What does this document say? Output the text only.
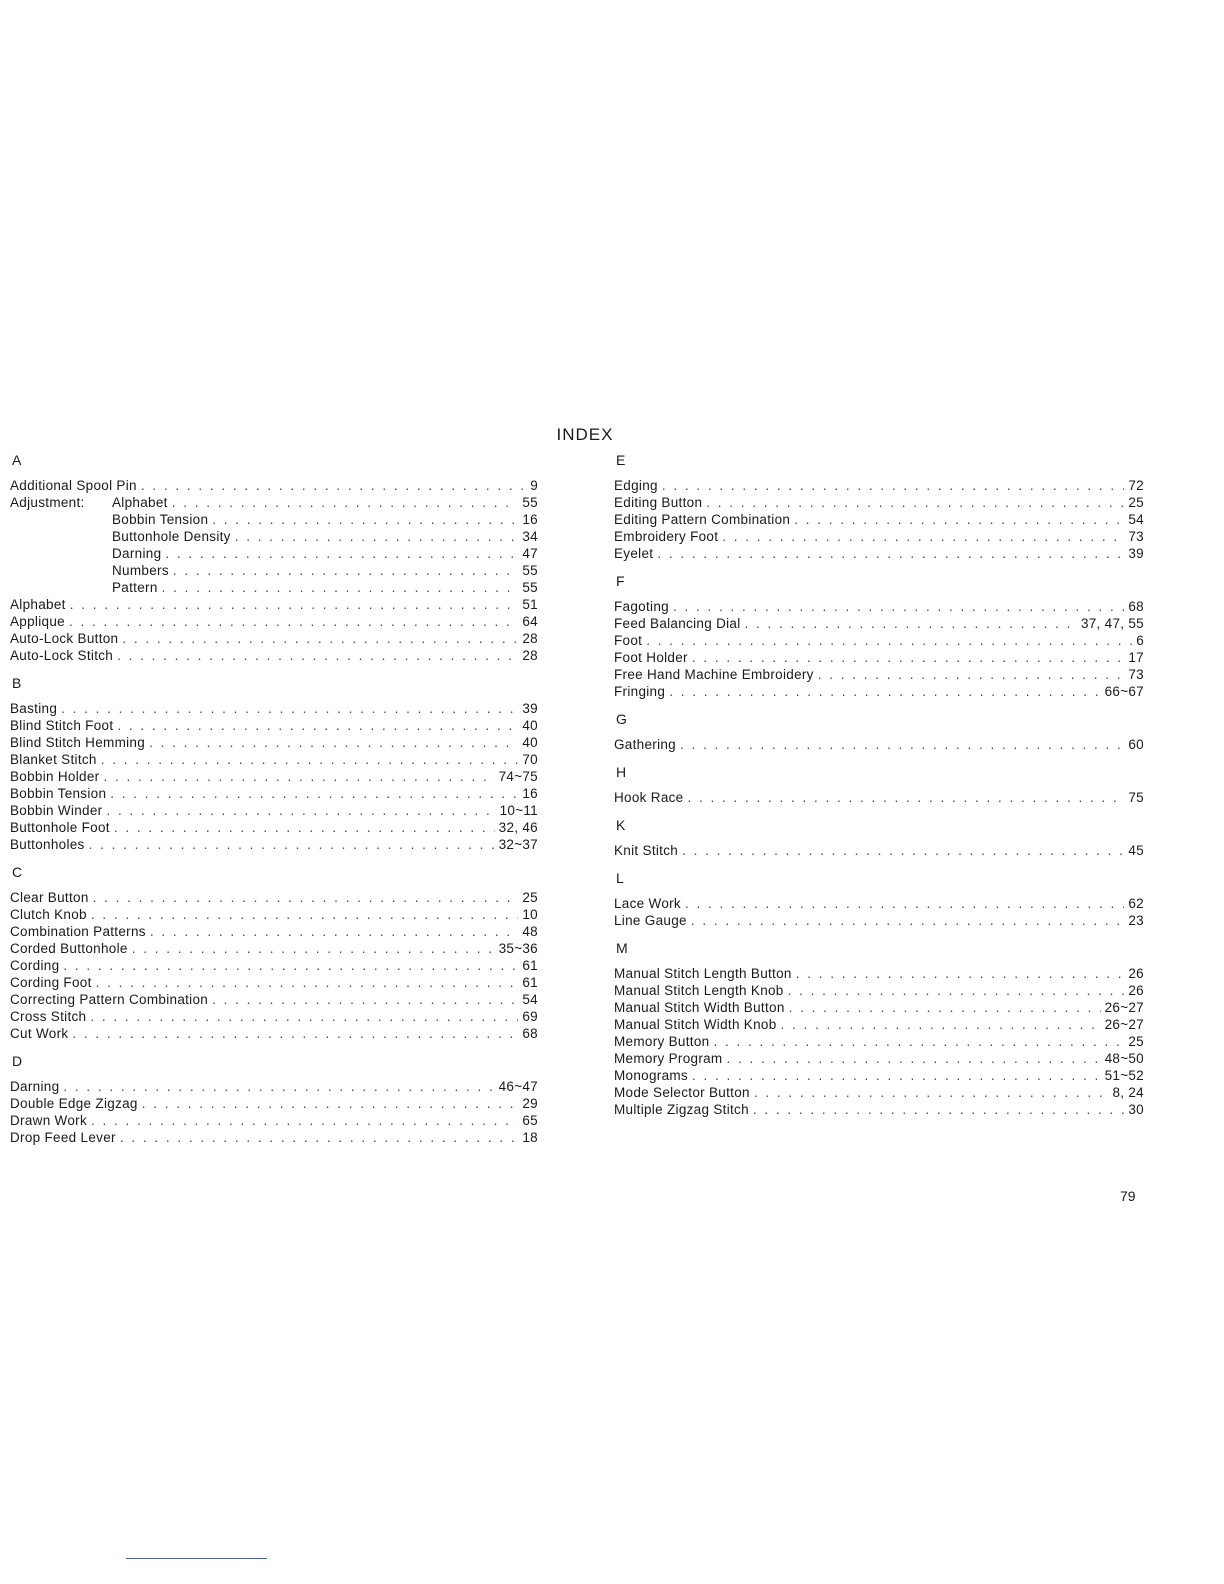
INDEX
A
Additional Spool Pin . . .	9
Adjustment: Alphabet . . .	55
Bobbin Tension . . .	16
Buttonhole Density . . .	34
Darning . . .	47
Numbers . . .	55
Pattern . . .	55
Alphabet . . .	51
Applique . . .	64
Auto-Lock Button . . .	28
Auto-Lock Stitch . . .	28
B
Basting . . .	39
Blind Stitch Foot . . .	40
Blind Stitch Hemming . . .	40
Blanket Stitch . . .	70
Bobbin Holder . . .	74~75
Bobbin Tension . . .	16
Bobbin Winder . . .	10~11
Buttonhole Foot . . .	32, 46
Buttonholes . . .	32~37
C
Clear Button . . .	25
Clutch Knob . . .	10
Combination Patterns . . .	48
Corded Buttonhole . . .	35~36
Cording . . .	61
Cording Foot . . .	61
Correcting Pattern Combination . . .	54
Cross Stitch . . .	69
Cut Work . . .	68
D
Darning . . .	46~47
Double Edge Zigzag . . .	29
Drawn Work . . .	65
Drop Feed Lever . . .	18
E
Edging . . .	72
Editing Button . . .	25
Editing Pattern Combination . . .	54
Embroidery Foot . . .	73
Eyelet . . .	39
F
Fagoting . . .	68
Feed Balancing Dial . . .	37, 47, 55
Foot . . .	6
Foot Holder . . .	17
Free Hand Machine Embroidery . . .	73
Fringing . . .	66~67
G
Gathering . . .	60
H
Hook Race . . .	75
K
Knit Stitch . . .	45
L
Lace Work . . .	62
Line Gauge . . .	23
M
Manual Stitch Length Button . . .	26
Manual Stitch Length Knob . . .	26
Manual Stitch Width Button . . .	26~27
Manual Stitch Width Knob . . .	26~27
Memory Button . . .	25
Memory Program . . .	48~50
Monograms . . .	51~52
Mode Selector Button . . .	8, 24
Multiple Zigzag Stitch . . .	30
79
